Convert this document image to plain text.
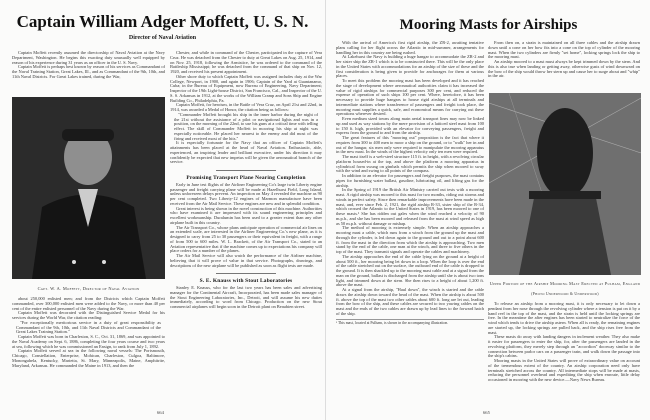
Captain William Adger Moffett, U. S. N.
Director of Naval Aviation

Captain Moffett recently assumed the directorship of Naval Aviation at the Navy Department, Washington. He begins this exacting duty unusually well equipped by reason of his experience during 31 years as an officer in the U. S. Navy.

Captain Moffett is perhaps best known by reason of his services as Commandant of the Naval Training Station, Great Lakes, Ill., and as Commandant of the 9th, 10th, and 11th Naval Districts. For Great Lakes trained, during the War,

Capt. W. A. Moffett, Director of Naval Aviation

about 250,000 enlisted men; and from the Districts which Captain Moffett commanded, over 300,000 enlisted men were added to the Navy, or more than 40 per cent of the entire enlisted personnel of the Navy during the War.

Captain Moffett was decorated with the Distinguished Service Medal for his services during the World War, the citation reading:

"For exceptionally meritorious service in a duty of great responsibility as Commandant of the 9th, 10th, and 11th Naval Districts and Commandant of the Great Lakes Training Station."

Captain Moffett was born in Charleston, S. C., Oct. 31, 1869, and was appointed to the Naval Academy on Sept. 6, 1886, completing the four years course and two years at sea, following which he was commissioned an Ensign, to rank from July 1, 1892.

Captain Moffett served at sea in the following naval vessels: The Portsmouth, Chicago, Constellation, Enterprise, Mohican, Charleston, Culgoa, Baltimore, Monongahela, Kentucky, Marietta, St. Mary, Minneapolis, Maine, Amphitrite, Maryland, Arkansas. He commanded the Maine in 1913, and then the

Chester, and while in command of the Chester, participated in the capture of Vera Cruz. He was detached from the Chester to duty at Great Lakes on Aug. 25, 1914, and on Nov. 25, 1918, following the Armistice, he was ordered to the command of the Battleship Mississippi; he was detached from the command of that ship on Nov. 12, 1920, and received his present appointment.

Other shore duty to which Captain Moffett was assigned includes duty at the War College, Newport, in 1900, and again in 1906; Captain of the Yard at Guantanamo, Cuba; in the Bureau of Equipment, now Bureau of Engineering, Navy Department; Inspector of the 19th Light-house District, San Francisco, Cal., and Inspector of the U. S. S. Arkansas in 1912, at the works of the William Cramp and Sons Ship and Engine Building Co., Philadelphia, Pa.

Captain Moffett, for heroism, in the Battle of Vera Cruz, on April 21st and 22nd, in 1914, was awarded a Medal of Honor, the citation being as follows:

"Commander Moffett brought his ship in the inner harbor during the night of the 21st without the assistance of a pilot or navigational lights and was in a position, on the morning of the 22nd, to use his guns at a critical time with telling effect. The skill of Commander Moffett in mooring his ship at night was especially noticeable. He placed her nearest to the enemy and did most of the firing and received most of the hits."

It is especially fortunate for the Navy that an officer of Captain Moffett's attainments has been placed at the head of Naval Aviation. Enthusiastic, able, experienced, an inspiring leader and brilliant executive, under his direction it may confidently be expected that new impetus will be given the aeronautical branch of the service.

Promising Transport Plane Nearing Completion

Early in June test flights of the Airliner Engineering Co's large twin Liberty engine passenger and freight carrying plane will be made at Hazelhurst Field, Long Island, unless unforeseen delays prevent. An inspection on May 4 revealed the machine as 90 per cent completed. Two Liberty-12 engines of Marmon manufacture have been received from the Air Mail Service. These engines are new and in splendid condition.

Great interest is being shown in the novel construction of this machine. Authorities who have examined it are impressed with its sound engineering principles and excellent workmanship. Duralumin has been used to a greater extent than any other airplane built in this country.

The Air Transport Co., whose plans anticipate operation of commercial air lines on an extended scale, are interested in the Airliner Engineering Co.'s new plane, as it is designed to carry from 25 to 30 passengers or their equivalent in freight, with a range of from 500 to 600 miles. W. L. Brackett, of the Air Transport Co., stated to an Aviation representative that if the machine comes up to expectations his company will place orders for a number of the planes.

The Air Mail Service will also watch the performance of the Airliner machine, believing that it will prove of value in that service. Photographs, drawings, and descriptions of the new airplane will be published as soon as flight tests are made.

S. E. Knauss with Stout Laboratories

Stanley E. Knauss, who for the last two years has been sales and advertising manager for the Continental Aircraft, Incorporated, has been made sales manager of the Stout Engineering Laboratories, Inc., Detroit, and will assume his new duties immediately, according to word from Chicago. Production on the new Stout commercial airplanes will begin soon in the Detroit plant on Beaubien street.

664
Mooring Masts for Airships

With the arrival of America's first rigid airship, the ZR-2, awaiting tentative plans calling for her flight across the Atlantic in mid-summer, arrangements for handling her in this country are being rushed.

At Lakehurst the Navy is building a huge hangar to accommodate the ZR-2 and her sister ship the ZR-1 which is to be constructed there. This will be the only place in the United States with accommodations for an airship of the size of these and the first consideration is being given to provide for anchorages for them at various places.

To meet this problem the mooring mast has been developed and it has reached the stage of development where aeronautical authorities claim it has increased the value of rigid airships for commercial purposes 300 per cent, and reduced the expense of operation of such ships 100 per cent. Where, heretofore, it has been necessary to provide huge hangars to house rigid airships at all terminals and intermediate stations where transference of passengers and freight took place, the mooring mast supplies a quick, safe, and economical means for carrying out these operations wherever desired.

Even medium sized towns along main aerial transport lines may now be linked up and used as way stations by the mere provision of a latticed steel mast from 100 to 150 ft. high, provided with an elevator for conveying passengers, freight and express from the ground to and from the airship.

The great features of this "mooring out" proposition is the fact that where it requires from 300 to 400 men to moor a ship on the ground, or to "walk" her in and out of the hangar, six men only were required to manipulate the mooring apparatus in the new mast. In the winds of the highest velocity only ten men were required.

The mast itself is a web-steel structure 115 ft. in height, with a revolving circular platform housed-in at the top, and above the platform a mooring apparatus in cylindrical form swung on gimbals which permits the ship when moored to sway with the wind and swing to all points of the compass.

In addition to an elevator for passengers and freight purposes, the mast contains pipes for furnishing water ballast, gasoline, lubricating oil, and lifting gas for the airship.

In the Spring of 1919 the British Air Ministry carried out tests with a mooring mast. A rigid airship was moored to this mast for two months, riding out storms and winds in perfect safety. Since then remarkable improvements have been made in the mast, and, ever since Feb. 2, 1921, the rigid airship R-33, sister ship of the R-34, which crossed the Atlantic to the United States in 1919, has been moored to one of these masts.¹ She has ridden out gales when the wind reached a velocity of 90 m.p.h., and she has been moored and released from the mast at wind speed as high as 50 m.p.h. without damage or mishap.

The method of mooring is extremely simple. When an airship approaches a mooring mast a cable, which runs from a winch from the ground up the mast and through the cylinder, is led down again to the ground and out to a point about 600 ft. from the mast in the direction from which the airship is approaching. Two men stand by the end of the cable, one man at the winch, and three to five others in the top of the mast. They transmit signals and operate the cables and machinery.

The airship approaches the end of the cable lying on the ground at a height of about 500 ft., her mooring being let down in a loop. When the loop is over the end of the cable stretched out on the surface, the outboard end of the cable is dropped to the ground. It is then shackled up to the mooring mast cable and at a signal from the man on the ground, ballast is discharged from the airship until she is about two tons light, and trimmed down at the stern. She then rises to a height of about 1,200 ft. above the mast.

At a signal from the airship, "Haul down", the winch is started and the cable draws the airship down toward the head of the mast. When the airship is about 500 ft. above the top of the mast two other cables about 600 ft. long are let out, leading from the bow of the ship, and these cables are secured to two yawing cables on the mast and the ends of the two cables are drawn up by lead lines to the forward hatch of the ship.

¹ This mast, located at Pulham, is shown in the accompanying illustration.

From then on, a strain is maintained on all three cables and the airship drawn down until a cone on her bow fits into a cone on the top of cylinder of the mooring mast. When the two cylinders are firmly "set home", locking springs lock the ship to the mooring mast.

An airship moored to a mast must always be kept trimmed down by the stern. And this is also true when landing or getting away, otherwise gusts of wind downward on the bow of the ship would throw her stern up and cause her to surge about and "whip" in the air.

Upper Portion of the Airship Mooring Mast Erected at Pulham, England
(Photo Underwood & Underwood)

To release an airship from a mooring mast, it is only necessary to let down a pendant from her nose through the revolving cylinder where a tension is put on it by a hand reel in the top of the mast, and the strain is held until the locking springs are free. In the meantime the after engines has been started to neutralize the force of the wind which tends to drive the airship astern. When all is ready, the remaining engines are started up, the locking springs are pulled back, and the ship rises free from the mast.

These masts do away with landing dangers in inclement weather. They also make it easier for passengers to enter the ship, for, after the passengers are landed in the revolving platform, they merely step through an "accordion" doorway similar to the connection between parlor cars on a passenger train, and walk down the passage into the ship's cabins.

Mooring masts in the United States will prove of extraordinary value on account of the tremendous extent of the country. An airship corporation need only have terminals stretched across the country. All intermediate stops will be made at masts, reducing the personnel overhead and expediting the ship when enroute, little delay occasioned in mooring with the new device.—Navy News Bureau.

665
